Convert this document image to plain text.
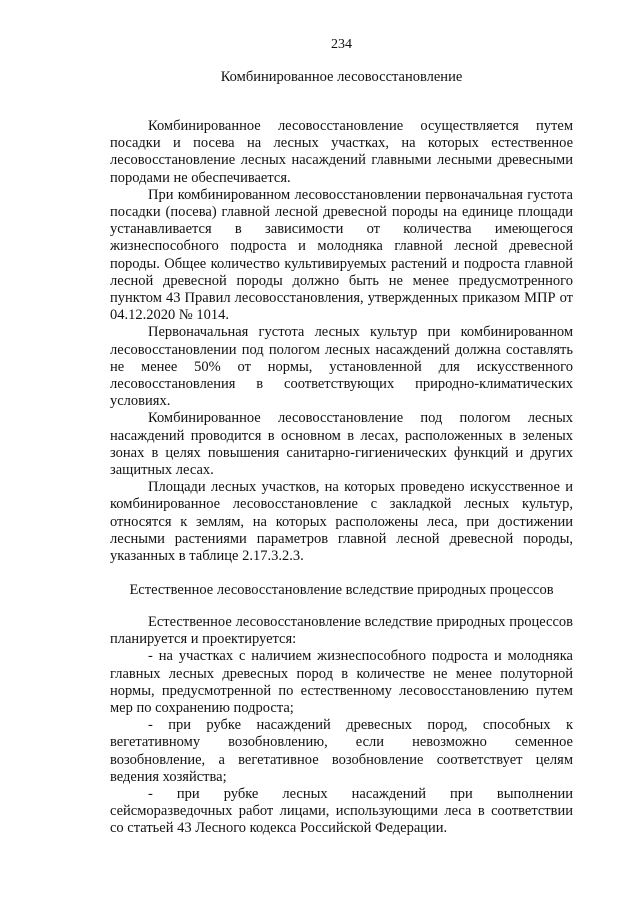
234
Комбинированное лесовосстановление

Комбинированное лесовосстановление осуществляется путем посадки и посева на лесных участках, на которых естественное лесовосстановление лесных насаждений главными лесными древесными породами не обеспечивается.

При комбинированном лесовосстановлении первоначальная густота посадки (посева) главной лесной древесной породы на единице площади устанавливается в зависимости от количества имеющегося жизнеспособного подроста и молодняка главной лесной древесной породы. Общее количество культивируемых растений и подроста главной лесной древесной породы должно быть не менее предусмотренного пунктом 43 Правил лесовосстановления, утвержденных приказом МПР от 04.12.2020 № 1014.

Первоначальная густота лесных культур при комбинированном лесовосстановлении под пологом лесных насаждений должна составлять не менее 50% от нормы, установленной для искусственного лесовосстановления в соответствующих природно-климатических условиях.

Комбинированное лесовосстановление под пологом лесных насаждений проводится в основном в лесах, расположенных в зеленых зонах в целях повышения санитарно-гигиенических функций и других защитных лесах.

Площади лесных участков, на которых проведено искусственное и комбинированное лесовосстановление с закладкой лесных культур, относятся к землям, на которых расположены леса, при достижении лесными растениями параметров главной лесной древесной породы, указанных в таблице 2.17.3.2.3.

Естественное лесовосстановление вследствие природных процессов

Естественное лесовосстановление вследствие природных процессов планируется и проектируется:

- на участках с наличием жизнеспособного подроста и молодняка главных лесных древесных пород в количестве не менее полуторной нормы, предусмотренной по естественному лесовосстановлению путем мер по сохранению подроста;

- при рубке насаждений древесных пород, способных к вегетативному возобновлению, если невозможно семенное возобновление, а вегетативное возобновление соответствует целям ведения хозяйства;

- при рубке лесных насаждений при выполнении сейсморазведочных работ лицами, использующими леса в соответствии со статьей 43 Лесного кодекса Российской Федерации.
